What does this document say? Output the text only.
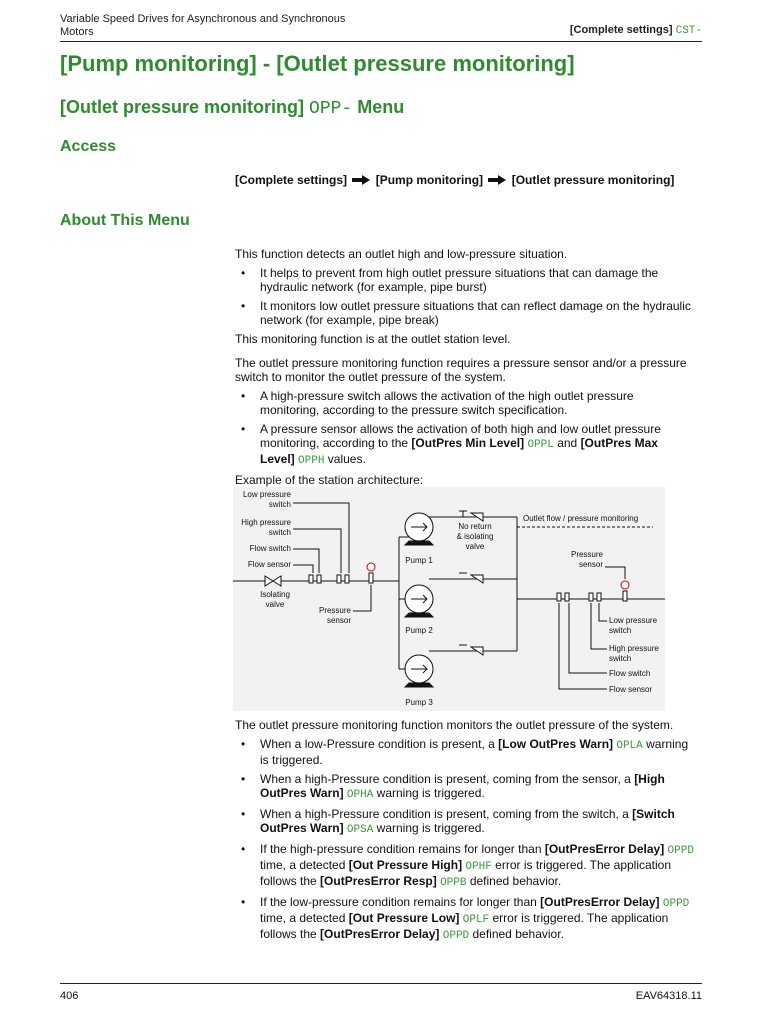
Variable Speed Drives for Asynchronous and Synchronous Motors	[Complete settings] CST-
[Pump monitoring] - [Outlet pressure monitoring]
[Outlet pressure monitoring] OPP- Menu
Access
[Complete settings] [Pump monitoring] [Outlet pressure monitoring]
About This Menu

This function detects an outlet high and low-pressure situation.

• It helps to prevent from high outlet pressure situations that can damage the hydraulic network (for example, pipe burst)
• It monitors low outlet pressure situations that can reflect damage on the hydraulic network (for example, pipe break)

This monitoring function is at the outlet station level.

The outlet pressure monitoring function requires a pressure sensor and/or a pressure switch to monitor the outlet pressure of the system.

• A high-pressure switch allows the activation of the high outlet pressure monitoring, according to the pressure switch specification.
• A pressure sensor allows the activation of both high and low outlet pressure monitoring, according to the [OutPres Min Level] OPPL and [OutPres Max Level] OPPH values.

Example of the station architecture:

Low pressure
switch
High pressure
switch
Flow switch
Flow sensor
Isolating
valve
Pressure
sensor
No return
& isolating
valve
Outlet flow / pressure monitoring
Pressure
sensor
Pump 1
Pump 2
Pump 3
Low pressure
switch
High pressure
switch
Flow switch
Flow sensor

The outlet pressure monitoring function monitors the outlet pressure of the system.

• When a low-Pressure condition is present, a [Low OutPres Warn] OPLA warning is triggered.
• When a high-Pressure condition is present, coming from the sensor, a [High OutPres Warn] OPHA warning is triggered.
• When a high-Pressure condition is present, coming from the switch, a [Switch OutPres Warn] OPSA warning is triggered.
• If the high-pressure condition remains for longer than [OutPresError Delay] OPPD time, a detected [Out Pressure High] OPHF error is triggered. The application follows the [OutPresError Resp] OPPB defined behavior.
• If the low-pressure condition remains for longer than [OutPresError Delay] OPPD time, a detected [Out Pressure Low] OPLF error is triggered. The application follows the [OutPresError Delay] OPPD defined behavior.
406	EAV64318.11
